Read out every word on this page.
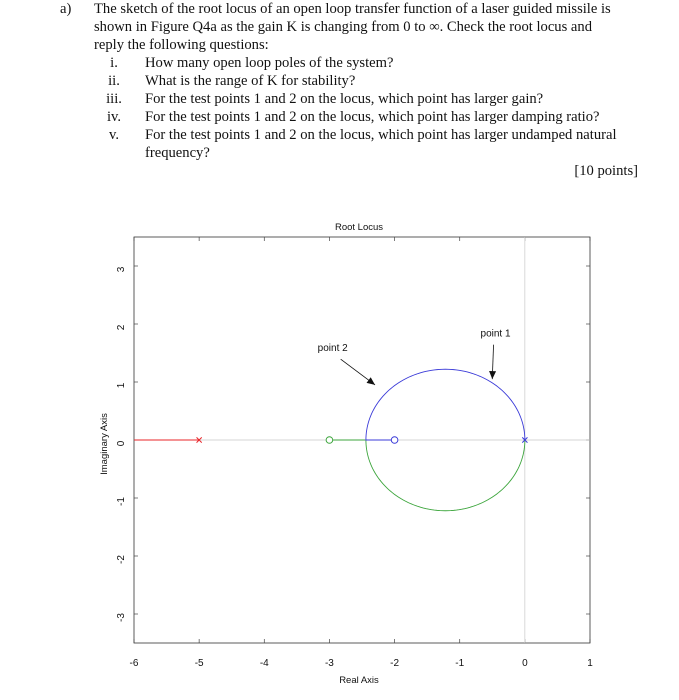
a) The sketch of the root locus of an open loop transfer function of a laser guided missile is
shown in Figure Q4a as the gain K is changing from 0 to ∞. Check the root locus and
reply the following questions:
i.	How many open loop poles of the system?
ii.	What is the range of K for stability?
iii.	For the test points 1 and 2 on the locus, which point has larger gain?
iv.	For the test points 1 and 2 on the locus, which point has larger damping ratio?
v.	For the test points 1 and 2 on the locus, which point has larger undamped natural
frequency?
[10 points]
Root Locus
Real Axis
Imaginary Axis
-6	-5	-4	-3	-2	-1	0	1
3
2
1
0
-1
-2
-3
point 1
point 2
